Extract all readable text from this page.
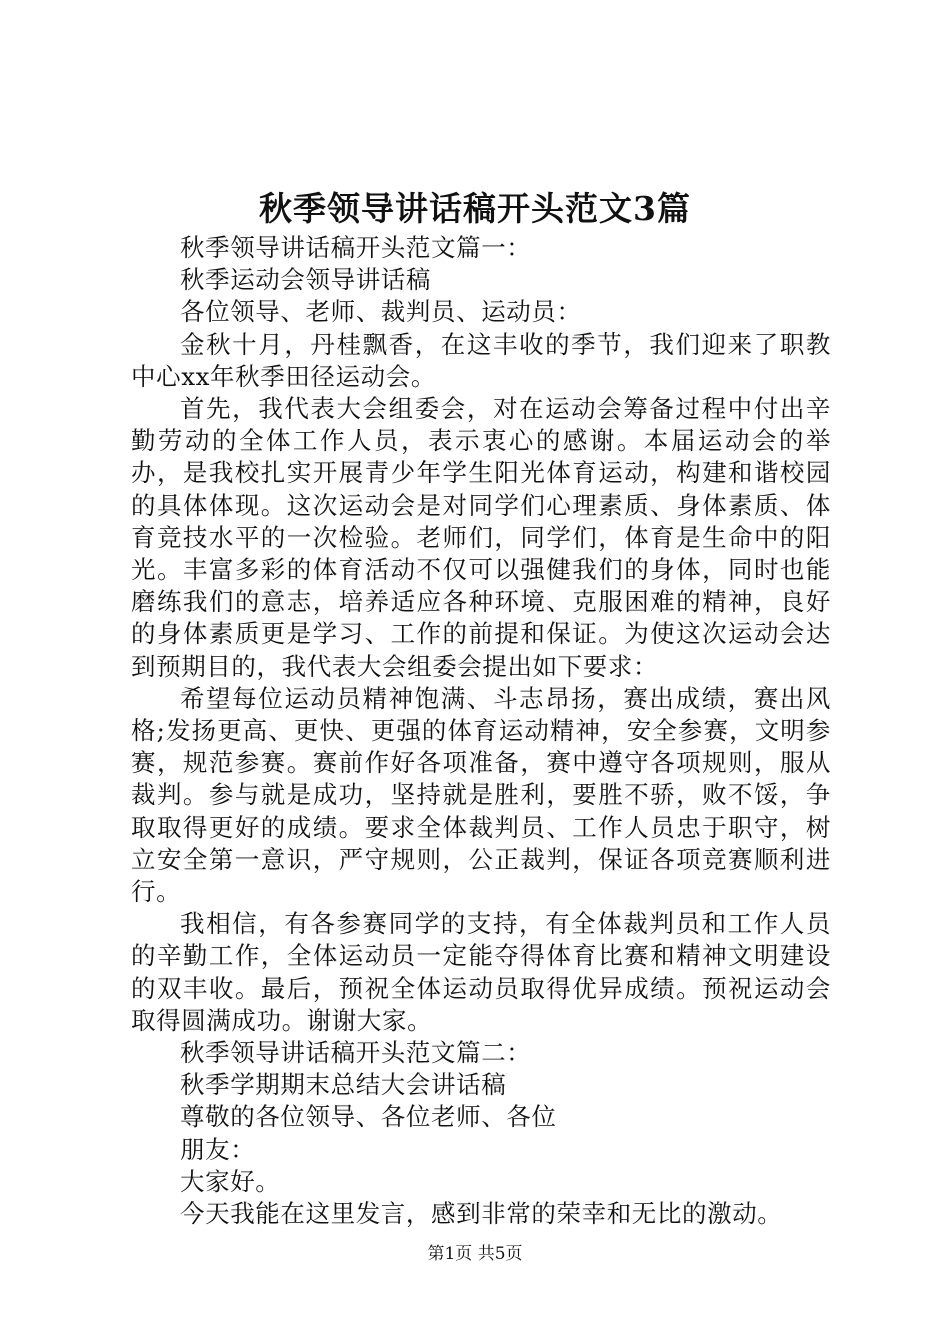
秋季领导讲话稿开头范文3篇

秋季领导讲话稿开头范文篇一：

秋季运动会领导讲话稿

各位领导、老师、裁判员、运动员：

金秋十月，丹桂飘香，在这丰收的季节，我们迎来了职教中心xx年秋季田径运动会。

首先，我代表大会组委会，对在运动会筹备过程中付出辛勤劳动的全体工作人员，表示衷心的感谢。本届运动会的举办，是我校扎实开展青少年学生阳光体育运动，构建和谐校园的具体体现。这次运动会是对同学们心理素质、身体素质、体育竞技水平的一次检验。老师们，同学们，体育是生命中的阳光。丰富多彩的体育活动不仅可以强健我们的身体，同时也能磨练我们的意志，培养适应各种环境、克服困难的精神，良好的身体素质更是学习、工作的前提和保证。为使这次运动会达到预期目的，我代表大会组委会提出如下要求：

希望每位运动员精神饱满、斗志昂扬，赛出成绩，赛出风格;发扬更高、更快、更强的体育运动精神，安全参赛，文明参赛，规范参赛。赛前作好各项准备，赛中遵守各项规则，服从裁判。参与就是成功，坚持就是胜利，要胜不骄，败不馁，争取取得更好的成绩。要求全体裁判员、工作人员忠于职守，树立安全第一意识，严守规则，公正裁判，保证各项竞赛顺利进行。

我相信，有各参赛同学的支持，有全体裁判员和工作人员的辛勤工作，全体运动员一定能夺得体育比赛和精神文明建设的双丰收。最后，预祝全体运动员取得优异成绩。预祝运动会取得圆满成功。谢谢大家。

秋季领导讲话稿开头范文篇二：

秋季学期期末总结大会讲话稿

尊敬的各位领导、各位老师、各位

朋友：

大家好。

今天我能在这里发言，感到非常的荣幸和无比的激动。

第1页 共5页
